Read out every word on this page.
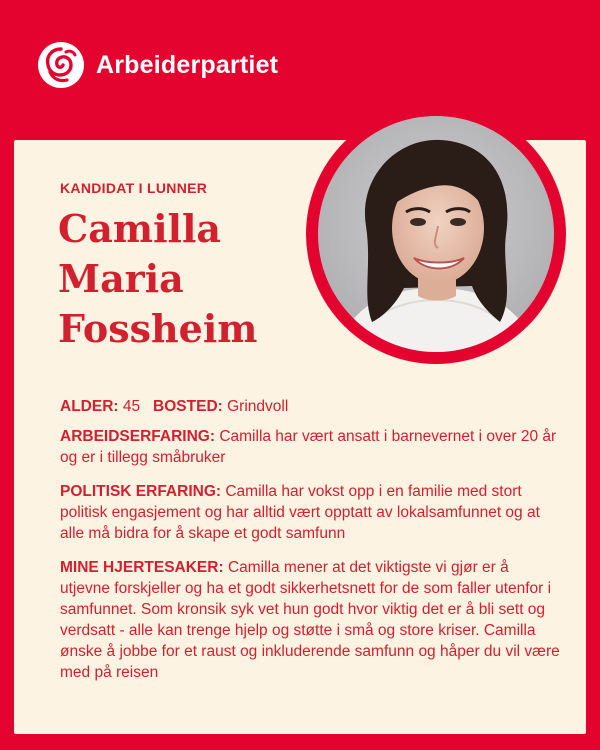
Arbeiderpartiet
KANDIDAT I LUNNER
Camilla
Maria
Fossheim

ALDER: 45 BOSTED: Grindvoll

ARBEIDSERFARING: Camilla har vært ansatt i barnevernet i over 20 år og er i tillegg småbruker

POLITISK ERFARING: Camilla har vokst opp i en familie med stort politisk engasjement og har alltid vært opptatt av lokalsamfunnet og at alle må bidra for å skape et godt samfunn

MINE HJERTESAKER: Camilla mener at det viktigste vi gjør er å utjevne forskjeller og ha et godt sikkerhetsnett for de som faller utenfor i samfunnet. Som kronsik syk vet hun godt hvor viktig det er å bli sett og verdsatt - alle kan trenge hjelp og støtte i små og store kriser. Camilla ønske å jobbe for et raust og inkluderende samfunn og håper du vil være med på reisen
